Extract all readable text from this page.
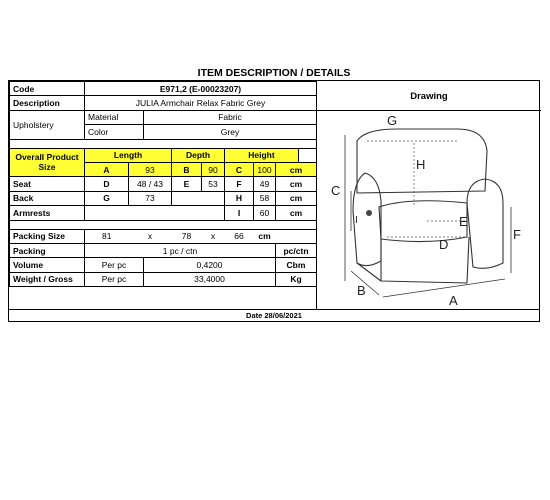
ITEM DESCRIPTION / DETAILS
Code	E971,2 (E-00023207)									
Description	JULIA Armchair Relax Fabric Grey									
Upholstery	Material		Fabric							
	Color		Grey							

Overall Product Size	Length			Depth		Height				
	A	93		B	90	C	100	cm		
Seat	D	48 / 43		E	53	F	49	cm		
Back	G	73				H	58	cm		
Armrests						I	60	cm		

Packing Size	81	x		78	x	66	cm			
Packing	1 pc / ctn							pc/ctn		
Volume	Per pc		0,4200					Cbm		
Weight / Gross	Per pc		33,4000					Kg		
Drawing
G
H
C
I	E
D
F
B
A
Date 28/06/2021
